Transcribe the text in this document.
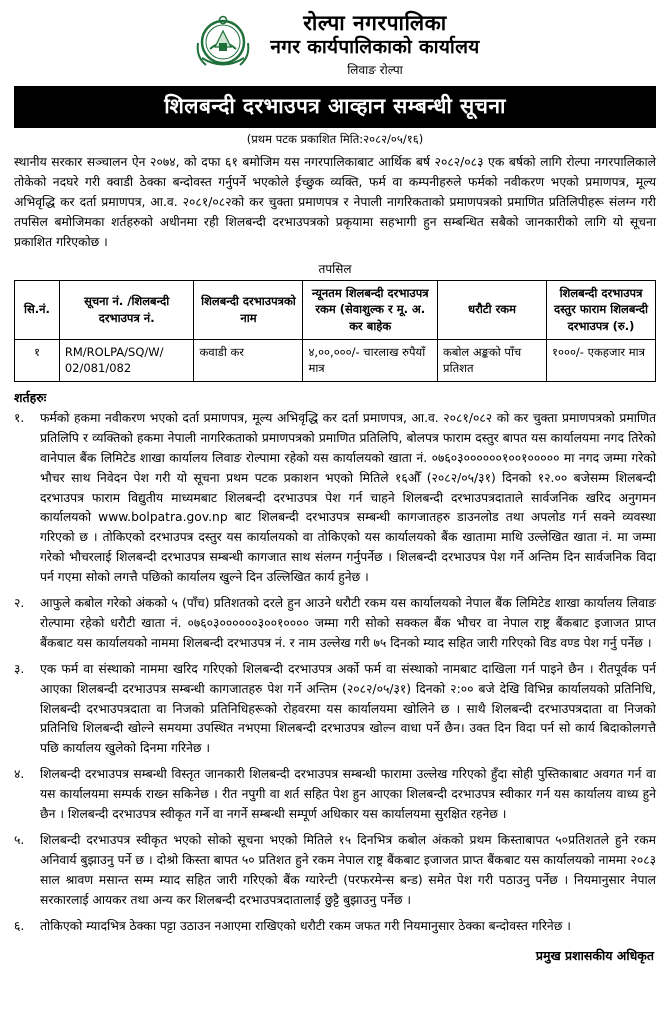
रोल्पा नगरपालिका
नगर कार्यपालिकाको कार्यालय
लिवाङ रोल्पा
शिलबन्दी दरभाउपत्र आव्हान सम्बन्धी सूचना
(प्रथम पटक प्रकाशित मिति:२०८२/०५/१६)
स्थानीय सरकार सञ्चालन ऐन २०७४, को दफा ६१ बमोजिम यस नगरपालिकाबाट आर्थिक बर्ष २०८२/०८३ एक बर्षको लागि रोल्पा नगरपालिकाले तोकेको नदघरे गरी क्वाडी ठेक्का बन्दोवस्त गर्नुपर्ने भएकोले ईच्छुक व्यक्ति, फर्म वा कम्पनीहरुले फर्मको नवीकरण भएको प्रमाणपत्र, मूल्य अभिवृद्धि कर दर्ता प्रमाणपत्र, आ.व. २०८१/०८२को कर चुक्ता प्रमाणपत्र र नेपाली नागरिकताको प्रमाणपत्रको प्रमाणित प्रतिलिपीहरू संलग्न गरी तपसिल बमोजिमका शर्तहरुको अधीनमा रही शिलबन्दी दरभाउपत्रको प्रकृयामा सहभागी हुन सम्बन्धित सबैको जानकारीको लागि यो सूचना प्रकाशित गरिएकोछ ।
तपसिल
सि.नं.	सूचना नं. /शिलबन्दी दरभाउपत्र नं.	शिलबन्दी दरभाउपत्रको नाम	न्यूनतम शिलबन्दी दरभाउपत्र रकम (सेवाशुल्क र मू. अ. कर बाहेक	धरौटी रकम	शिलबन्दी दरभाउपत्र दस्तुर फाराम शिलबन्दी दरभाउपत्र (रु.)
१	RM/ROLPA/SQ/W/ 02/081/082	कवाडी कर	४,००,०००/- चारलाख रुपैयाँ मात्र	कबोल अङ्कको पाँच प्रतिशत	१०००/- एकहजार मात्र
शर्तहरुः
१.	फर्मको हकमा नवीकरण भएको दर्ता प्रमाणपत्र, मूल्य अभिवृद्धि कर दर्ता प्रमाणपत्र, आ.व. २०८१/०८२ को कर चुक्ता प्रमाणपत्रको प्रमाणित प्रतिलिपि र व्यक्तिको हकमा नेपाली नागरिकताको प्रमाणपत्रको प्रमाणित प्रतिलिपि, बोलपत्र फाराम दस्तुर बापत यस कार्यालयमा नगद तिरेको वानेपाल बैंक लिमिटेड शाखा कार्यालय लिवाङ रोल्पामा रहेको यस कार्यालयको खाता नं. ०७६०३००००००१००१००००० मा नगद जम्मा गरेको भौचर साथ निवेदन पेश गरी यो सूचना प्रथम पटक प्रकाशन भएको मितिले १६औँ (२०८२/०५/३१) दिनको १२.०० बजेसम्म शिलबन्दी दरभाउपत्र फाराम विद्युतीय माध्यमबाट शिलबन्दी दरभाउपत्र पेश गर्न चाहने शिलबन्दी दरभाउपत्रदाताले सार्वजनिक खरिद अनुगमन कार्यालयको www.bolpatra.gov.np बाट शिलबन्दी दरभाउपत्र सम्बन्धी कागजातहरु डाउनलोड तथा अपलोड गर्न सक्ने व्यवस्था गरिएको छ । तोकिएको दरभाउपत्र दस्तुर यस कार्यालयको वा तोकिएको यस कार्यालयको बैंक खातामा माथि उल्लेखित खाता नं. मा जम्मा गरेको भौचरलाई शिलबन्दी दरभाउपत्र सम्बन्धी कागजात साथ संलग्न गर्नुपर्नेछ । शिलबन्दी दरभाउपत्र पेश गर्ने अन्तिम दिन सार्वजनिक विदा पर्न गएमा सोको लगत्तै पछिको कार्यालय खुल्ने दिन उल्लिखित कार्य हुनेछ ।
२.	आफुले कबोल गरेको अंकको ५ (पाँच) प्रतिशतको दरले हुन आउने धरौटी रकम यस कार्यालयको नेपाल बैंक लिमिटेड शाखा कार्यालय लिवाङ रोल्पामा रहेको धरौटी खाता नं. ०७६०३००००००३००१०००० जम्मा गरी सोको सक्कल बैंक भौचर वा नेपाल राष्ट्र बैंकबाट इजाजत प्राप्त बैंकबाट यस कार्यालयको नाममा शिलबन्दी दरभाउपत्र नं. र नाम उल्लेख गरी ७५ दिनको म्याद सहित जारी गरिएको विड वण्ड पेश गर्नु पर्नेछ ।
३.	एक फर्म वा संस्थाको नाममा खरिद गरिएको शिलबन्दी दरभाउपत्र अर्को फर्म वा संस्थाको नामबाट दाखिला गर्न पाइने छैन । रीतपूर्वक पर्न आएका शिलबन्दी दरभाउपत्र सम्बन्धी कागजातहरु पेश गर्ने अन्तिम (२०८२/०५/३१) दिनको २:०० बजे देखि विभिन्न कार्यालयको प्रतिनिधि, शिलबन्दी दरभाउपत्रदाता वा निजको प्रतिनिधिहरूको रोहवरमा यस कार्यालयमा खोलिने छ । साथै शिलबन्दी दरभाउपत्रदाता वा निजको प्रतिनिधि शिलबन्दी खोल्ने समयमा उपस्थित नभएमा शिलबन्दी दरभाउपत्र खोल्न वाधा पर्ने छैन। उक्त दिन विदा पर्न सो कार्य बिदाकोलगत्तै पछि कार्यालय खुलेको दिनमा गरिनेछ ।
४.	शिलबन्दी दरभाउपत्र सम्बन्धी विस्तृत जानकारी शिलबन्दी दरभाउपत्र सम्बन्धी फारामा उल्लेख गरिएको हुँदा सोही पुस्तिकाबाट अवगत गर्न वा यस कार्यालयमा सम्पर्क राख्न सकिनेछ । रीत नपुगी वा शर्त सहित पेश हुन आएका शिलबन्दी दरभाउपत्र स्वीकार गर्न यस कार्यालय वाध्य हुने छैन । शिलबन्दी दरभाउपत्र स्वीकृत गर्ने वा नगर्ने सम्बन्धी सम्पूर्ण अधिकार यस कार्यालयमा सुरक्षित रहनेछ ।
५.	शिलबन्दी दरभाउपत्र स्वीकृत भएको सोको सूचना भएको मितिले १५ दिनभित्र कबोल अंकको प्रथम किस्ताबापत ५०प्रतिशतले हुने रकम अनिवार्य बुझाउनु पर्ने छ । दोश्रो किस्ता बापत ५० प्रतिशत हुने रकम नेपाल राष्ट्र बैंकबाट इजाजत प्राप्त बैंकबाट यस कार्यालयको नाममा २०८३ साल श्रावण मसान्त सम्म म्याद सहित जारी गरिएको बैंक ग्यारेन्टी (परफरमेन्स बन्ड) समेत पेश गरी पठाउनु पर्नेछ । नियमानुसार नेपाल सरकारलाई आयकर तथा अन्य कर शिलबन्दी दरभाउपत्रदातालाई छुट्टै बुझाउनु पर्नेछ ।
६.	तोकिएको म्यादभित्र ठेक्का पट्टा उठाउन नआएमा राखिएको धरौटी रकम जफत गरी नियमानुसार ठेक्का बन्दोवस्त गरिनेछ ।
प्रमुख प्रशासकीय अधिकृत
